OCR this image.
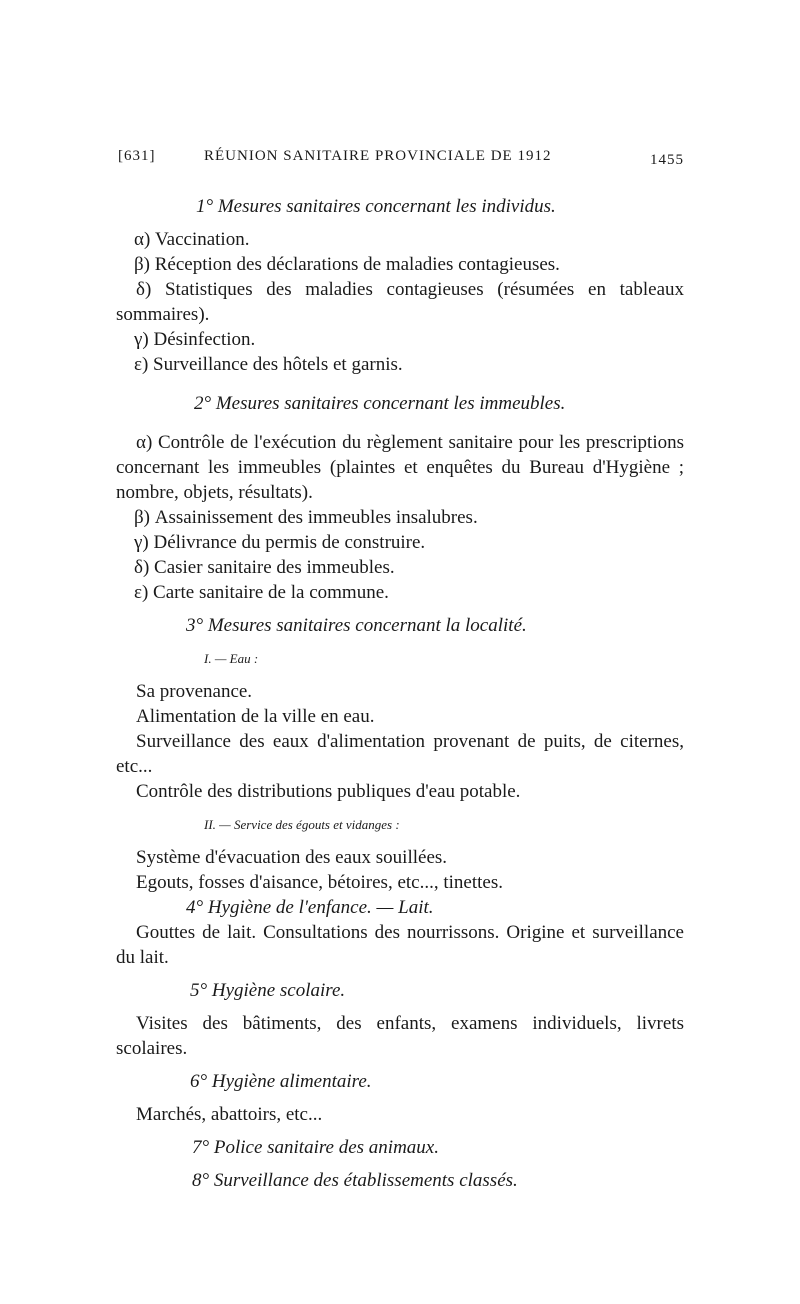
[631]	RÉUNION SANITAIRE PROVINCIALE DE 1912	1455

1° Mesures sanitaires concernant les individus.

α) Vaccination.

β) Réception des déclarations de maladies contagieuses.

δ) Statistiques des maladies contagieuses (résumées en tableaux sommaires).

γ) Désinfection.

ε) Surveillance des hôtels et garnis.

2° Mesures sanitaires concernant les immeubles.

α) Contrôle de l'exécution du règlement sanitaire pour les prescriptions concernant les immeubles (plaintes et enquêtes du Bureau d'Hygiène ; nombre, objets, résultats).

β) Assainissement des immeubles insalubres.

γ) Délivrance du permis de construire.

δ) Casier sanitaire des immeubles.

ε) Carte sanitaire de la commune.

3° Mesures sanitaires concernant la localité.

I. — Eau :

Sa provenance.

Alimentation de la ville en eau.

Surveillance des eaux d'alimentation provenant de puits, de citernes, etc...

Contrôle des distributions publiques d'eau potable.

II. — Service des égouts et vidanges :

Système d'évacuation des eaux souillées.

Egouts, fosses d'aisance, bétoires, etc..., tinettes.

4° Hygiène de l'enfance. — Lait.

Gouttes de lait. Consultations des nourrissons. Origine et surveillance du lait.

5° Hygiène scolaire.

Visites des bâtiments, des enfants, examens individuels, livrets scolaires.

6° Hygiène alimentaire.

Marchés, abattoirs, etc...

7° Police sanitaire des animaux.

8° Surveillance des établissements classés.
